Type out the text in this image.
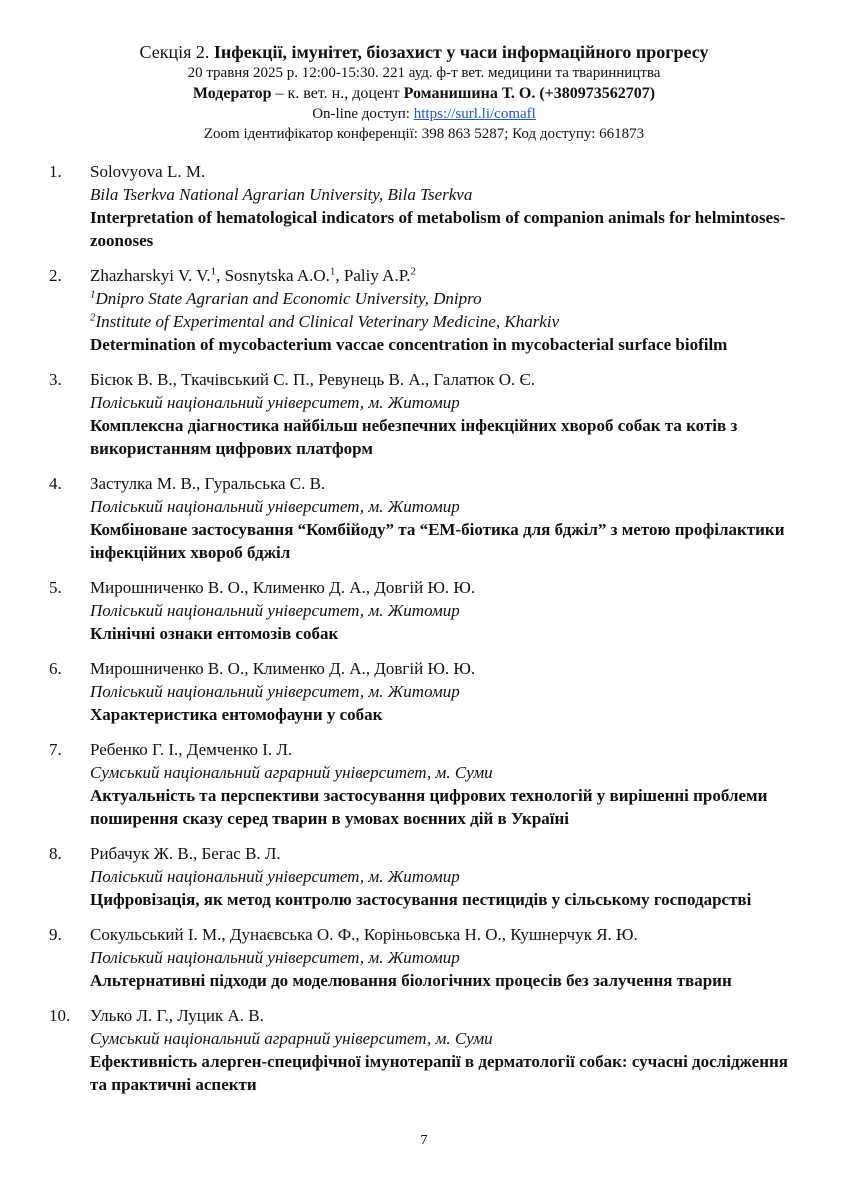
Секція 2. Інфекції, імунітет, біозахист у часи інформаційного прогресу
20 травня 2025 р. 12:00-15:30. 221 ауд. ф-т вет. медицини та тваринництва
Модератор – к. вет. н., доцент Романишина Т. О. (+380973562707)
On-line доступ: https://surl.li/comafl
Zoom ідентифікатор конференції: 398 863 5287; Код доступу: 661873
1. Solovyova L. M.
Bila Tserkva National Agrarian University, Bila Tserkva
Interpretation of hematological indicators of metabolism of companion animals for helmintoses-zoonoses
2. Zhazharskyi V. V.$^1$, Sosnytska A.O.$^1$, Paliy A.P.$^2$
$^1$Dnipro State Agrarian and Economic University, Dnipro
$^2$Institute of Experimental and Clinical Veterinary Medicine, Kharkiv
Determination of mycobacterium vaccae concentration in mycobacterial surface biofilm
3. Бісюк В. В., Ткачівський С. П., Ревунець В. А., Галатюк О. Є.
Поліський національний університет, м. Житомир
Комплексна діагностика найбільш небезпечних інфекційних хвороб собак та котів з використанням цифрових платформ
4. Застулка М. В., Гуральська С. В.
Поліський національний університет, м. Житомир
Комбіноване застосування “Комбійоду” та “ЕМ-біотика для бджіл” з метою профілактики інфекційних хвороб бджіл
5. Мирошниченко В. О., Клименко Д. А., Довгій Ю. Ю.
Поліський національний університет, м. Житомир
Клінічні ознаки ентомозів собак
6. Мирошниченко В. О., Клименко Д. А., Довгій Ю. Ю.
Поліський національний університет, м. Житомир
Характеристика ентомофауни у собак
7. Ребенко Г. І., Демченко І. Л.
Сумський національний аграрний університет, м. Суми
Актуальність та перспективи застосування цифрових технологій у вирішенні проблеми поширення сказу серед тварин в умовах воєнних дій в Україні
8. Рибачук Ж. В., Бегас В. Л.
Поліський національний університет, м. Житомир
Цифровізація, як метод контролю застосування пестицидів у сільському господарстві
9. Сокульський І. М., Дунаєвська О. Ф., Коріньовська Н. О., Кушнерчук Я. Ю.
Поліський національний університет, м. Житомир
Альтернативні підходи до моделювання біологічних процесів без залучення тварин
10. Улько Л. Г., Луцик А. В.
Сумський національний аграрний університет, м. Суми
Ефективність алерген-специфічної імунотерапії в дерматології собак: сучасні дослідження та практичні аспекти
7
